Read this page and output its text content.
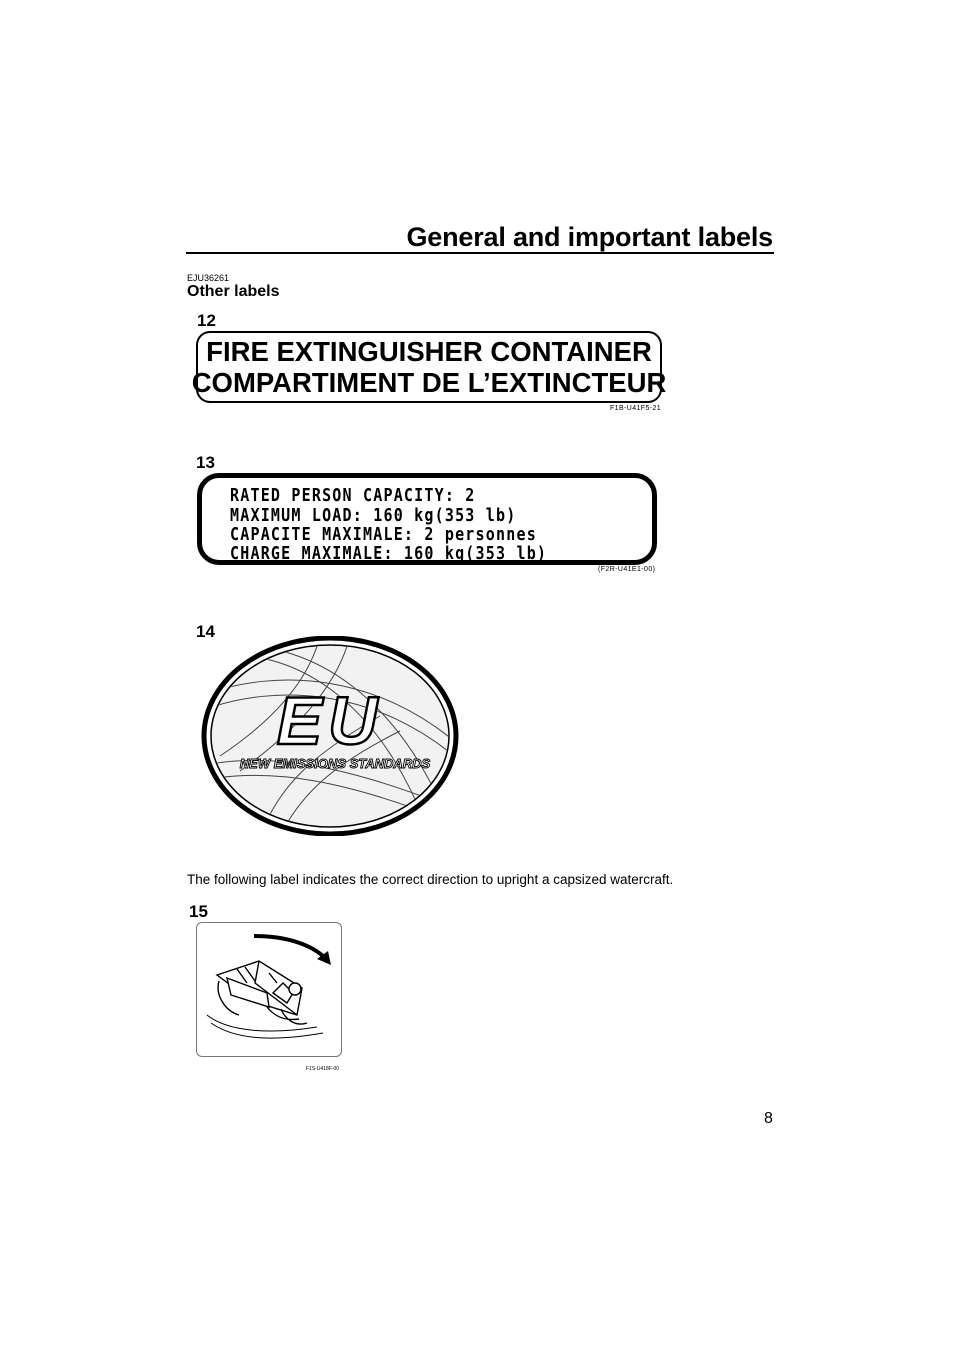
General and important labels
EJU36261
Other labels
12
FIRE EXTINGUISHER CONTAINER
COMPARTIMENT DE L’EXTINCTEUR
F1B-U41F5-21
13
RATED PERSON CAPACITY: 2
MAXIMUM LOAD: 160 kg(353 lb)
CAPACITE MAXIMALE: 2 personnes
CHARGE MAXIMALE: 160 kg(353 lb)
(F2R-U41E1-00)
14
EU
NEW EMISSIONS STANDARDS
The following label indicates the correct direction to upright a capsized watercraft.
15
F1S-U418F-00
8
